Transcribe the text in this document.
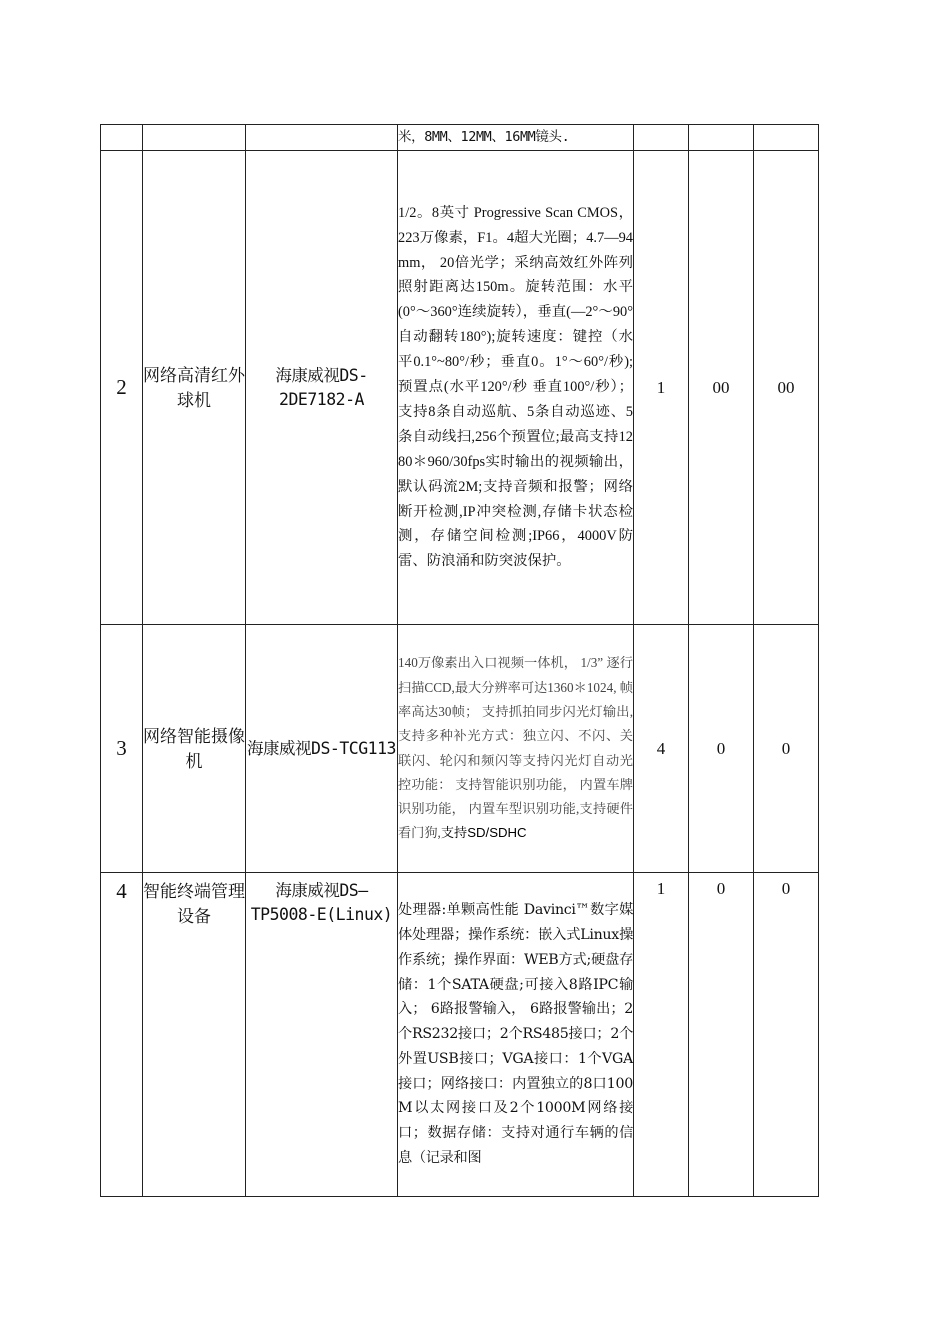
			米，8MM、12MM、16MM镜头.			

2	网络高清红外球机	海康威视DS-2DE7182-A	1/2。8英寸 Progressive Scan CMOS，223万像素，F1。4超大光圈；4.7—94mm， 20倍光学；采纳高效红外阵列照射距离达150m。旋转范围：水平(0°～360°连续旋转），垂直(—2°～90° 自动翻转180°);旋转速度：键控（水平0.1°~80°/秒；垂直0。1°～60°/秒);预置点(水平120°/秒 垂直100°/秒）；支持8条自动巡航、5条自动巡迹、5条自动线扫,256个预置位;最高支持1280＊960/30fps实时输出的视频输出，默认码流2M;支持音频和报警；网络断开检测,IP冲突检测,存储卡状态检测，存储空间检测;IP66，4000V防雷、防浪涌和防突波保护。	1	00	00
3	网络智能摄像机	海康威视DS-TCG113	140万像素出入口视频一体机， 1/3” 逐行扫描CCD,最大分辨率可达1360＊1024, 帧率高达30帧； 支持抓拍同步闪光灯输出,支持多种补光方式：独立闪、不闪、关联闪、轮闪和频闪等支持闪光灯自动光控功能： 支持智能识别功能， 内置车牌识别功能， 内置车型识别功能,支持硬件看门狗,支持SD/SDHC	4	0	0
4	智能终端管理设备	海康威视DS—TP5008-E(Linux)	处理器:单颗高性能 Davinci™数字媒体处理器；操作系统：嵌入式Linux操作系统；操作界面：WEB方式;硬盘存储：1个SATA硬盘;可接入8路IPC输入； 6路报警输入， 6路报警输出；2个RS232接口；2个RS485接口；2个外置USB接口；VGA接口：1个VGA接口；网络接口：内置独立的8口100M以太网接口及2个1000M网络接口；数据存储：支持对通行车辆的信息（记录和图	1	0	0
